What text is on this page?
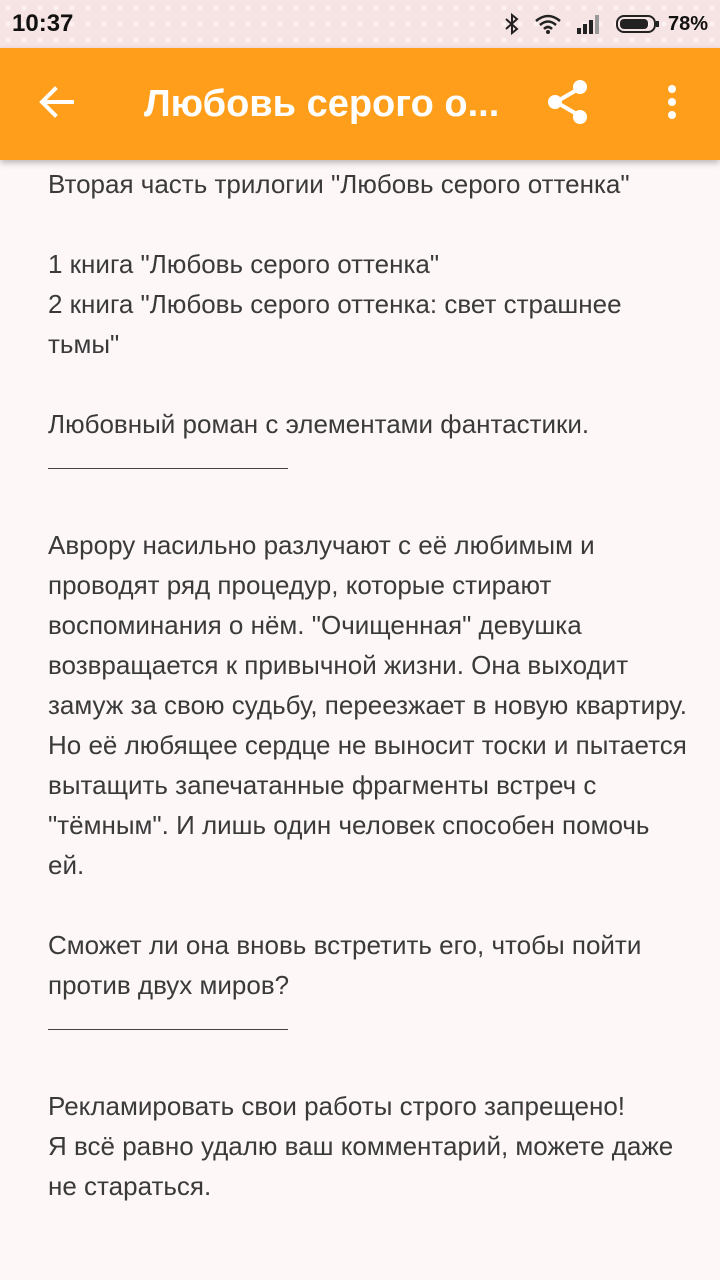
10:37	78%
Любовь серого о...

Вторая часть трилогии "Любовь серого оттенка"

1 книга "Любовь серого оттенка"

2 книга "Любовь серого оттенка: свет страшнее тьмы"

Любовный роман с элементами фантастики.

Аврору насильно разлучают с её любимым и проводят ряд процедур, которые стирают воспоминания о нём. "Очищенная" девушка возвращается к привычной жизни. Она выходит замуж за свою судьбу, переезжает в новую квартиру. Но её любящее сердце не выносит тоски и пытается вытащить запечатанные фрагменты встреч с "тёмным". И лишь один человек способен помочь ей.

Сможет ли она вновь встретить его, чтобы пойти против двух миров?

Рекламировать свои работы строго запрещено!

Я всё равно удалю ваш комментарий, можете даже не стараться.
